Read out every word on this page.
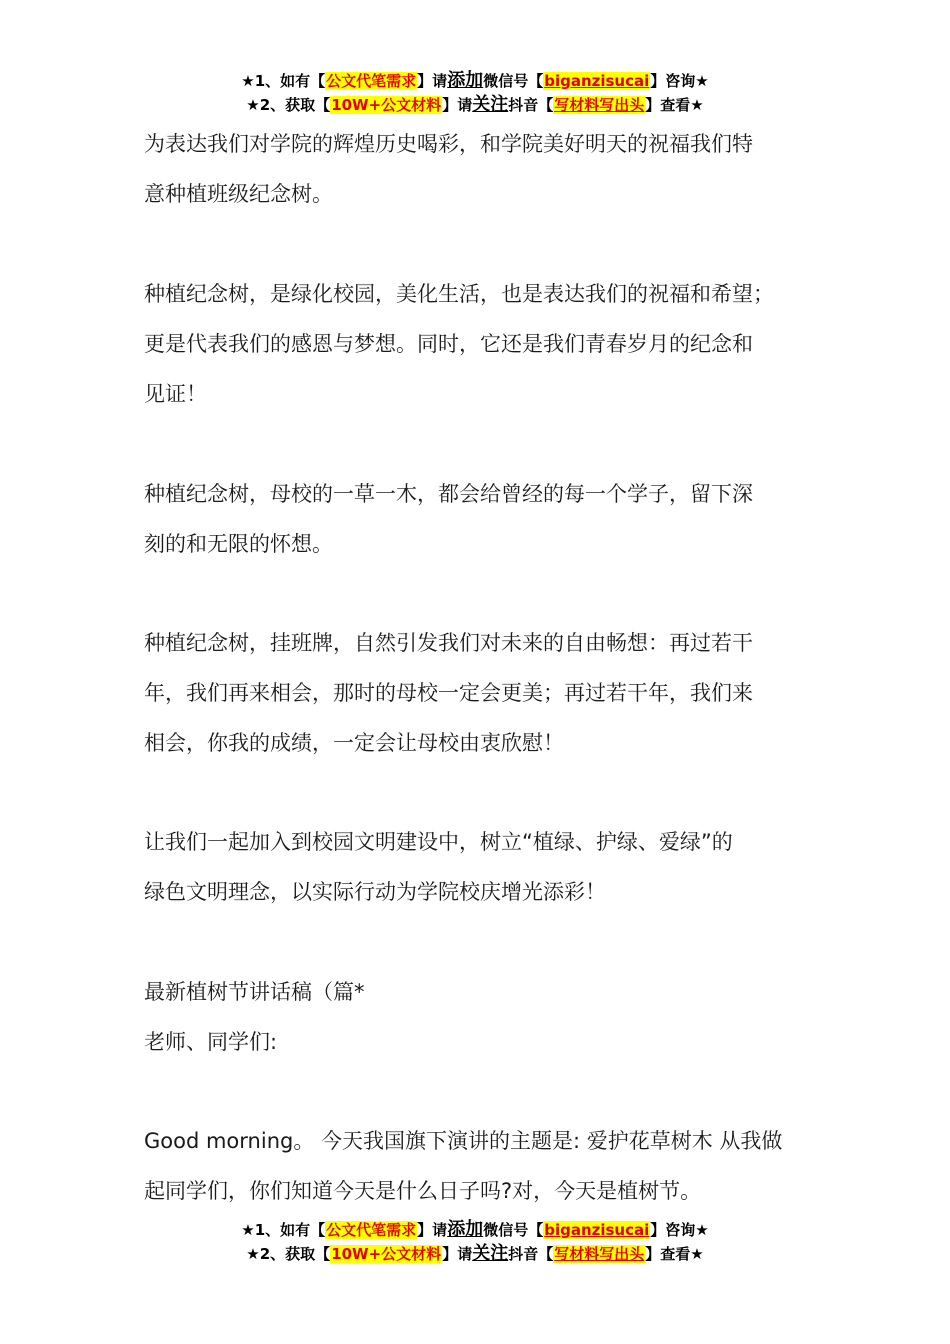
★1、如有【公文代笔需求】请添加微信号【biganzisucai】咨询★
★2、获取【10W+公文材料】请关注抖音【写材料写出头】查看★

为表达我们对学院的辉煌历史喝彩，和学院美好明天的祝福我们特
意种植班级纪念树。

种植纪念树，是绿化校园，美化生活，也是表达我们的祝福和希望；
更是代表我们的感恩与梦想。同时，它还是我们青春岁月的纪念和
见证！

种植纪念树，母校的一草一木，都会给曾经的每一个学子，留下深
刻的和无限的怀想。

种植纪念树，挂班牌，自然引发我们对未来的自由畅想：再过若干
年，我们再来相会，那时的母校一定会更美；再过若干年，我们来
相会，你我的成绩，一定会让母校由衷欣慰！

让我们一起加入到校园文明建设中，树立“植绿、护绿、爱绿”的
绿色文明理念，以实际行动为学院校庆增光添彩！

最新植树节讲话稿（篇*
老师、同学们:

Good morning。 今天我国旗下演讲的主题是: 爱护花草树木 从我做
起同学们，你们知道今天是什么日子吗?对，今天是植树节。

★1、如有【公文代笔需求】请添加微信号【biganzisucai】咨询★
★2、获取【10W+公文材料】请关注抖音【写材料写出头】查看★
